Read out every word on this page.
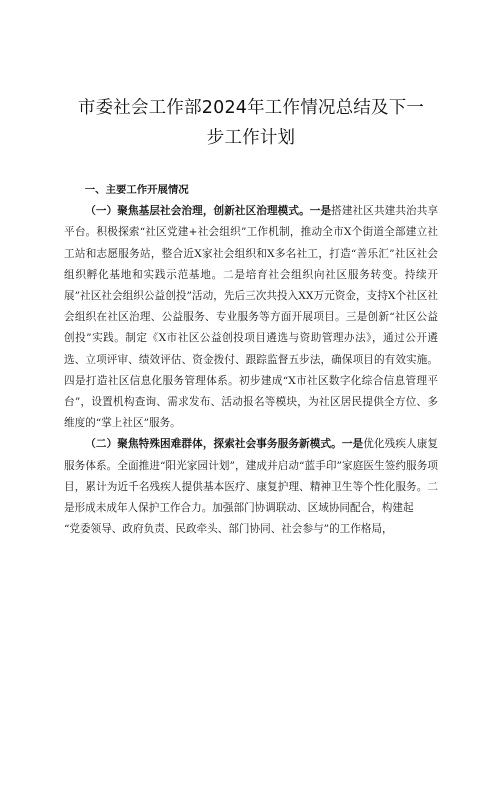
市委社会工作部2024年工作情况总结及下一
步工作计划

一、主要工作开展情况

（一）聚焦基层社会治理，创新社区治理模式。一是搭建社区共建共治共享平台。积极探索“社区党建+社会组织”工作机制，推动全市X个街道全部建立社工站和志愿服务站，整合近X家社会组织和X多名社工，打造“善乐汇”社区社会组织孵化基地和实践示范基地。二是培育社会组织向社区服务转变。持续开展”社区社会组织公益创投”活动，先后三次共投入XX万元资金，支持X个社区社会组织在社区治理、公益服务、专业服务等方面开展项目。三是创新“社区公益创投”实践。制定《X市社区公益创投项目遴选与资助管理办法》，通过公开遴选、立项评审、绩效评估、资金拨付、跟踪监督五步法，确保项目的有效实施。四是打造社区信息化服务管理体系。初步建成“X市社区数字化综合信息管理平台”，设置机构查询、需求发布、活动报名等模块，为社区居民提供全方位、多维度的“掌上社区”服务。

（二）聚焦特殊困难群体，探索社会事务服务新模式。一是优化残疾人康复服务体系。全面推进“阳光家园计划”，建成并启动“蓝手印”家庭医生签约服务项目，累计为近千名残疾人提供基本医疗、康复护理、精神卫生等个性化服务。二是形成未成年人保护工作合力。加强部门协调联动、区域协同配合，构建起

“党委领导、政府负责、民政牵头、部门协同、社会参与”的工作格局，
